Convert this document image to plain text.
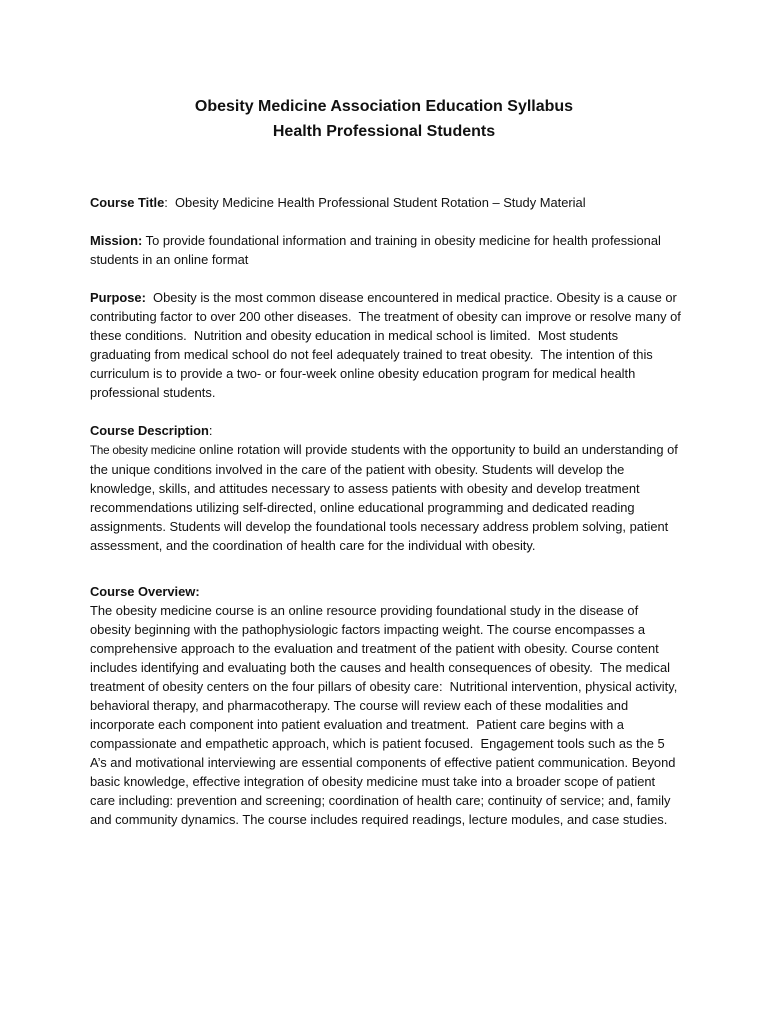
Obesity Medicine Association Education Syllabus
Health Professional Students

Course Title:  Obesity Medicine Health Professional Student Rotation – Study Material

Mission: To provide foundational information and training in obesity medicine for health professional students in an online format

Purpose:  Obesity is the most common disease encountered in medical practice. Obesity is a cause or contributing factor to over 200 other diseases.  The treatment of obesity can improve or resolve many of these conditions.  Nutrition and obesity education in medical school is limited.  Most students graduating from medical school do not feel adequately trained to treat obesity.  The intention of this curriculum is to provide a two- or four-week online obesity education program for medical health professional students.

Course Description:

The obesity medicine online rotation will provide students with the opportunity to build an understanding of the unique conditions involved in the care of the patient with obesity. Students will develop the knowledge, skills, and attitudes necessary to assess patients with obesity and develop treatment recommendations utilizing self-directed, online educational programming and dedicated reading assignments. Students will develop the foundational tools necessary address problem solving, patient assessment, and the coordination of health care for the individual with obesity.

Course Overview:

The obesity medicine course is an online resource providing foundational study in the disease of obesity beginning with the pathophysiologic factors impacting weight. The course encompasses a comprehensive approach to the evaluation and treatment of the patient with obesity. Course content includes identifying and evaluating both the causes and health consequences of obesity.  The medical treatment of obesity centers on the four pillars of obesity care:  Nutritional intervention, physical activity, behavioral therapy, and pharmacotherapy. The course will review each of these modalities and incorporate each component into patient evaluation and treatment.  Patient care begins with a compassionate and empathetic approach, which is patient focused.  Engagement tools such as the 5 A’s and motivational interviewing are essential components of effective patient communication. Beyond basic knowledge, effective integration of obesity medicine must take into a broader scope of patient care including: prevention and screening; coordination of health care; continuity of service; and, family and community dynamics. The course includes required readings, lecture modules, and case studies.
